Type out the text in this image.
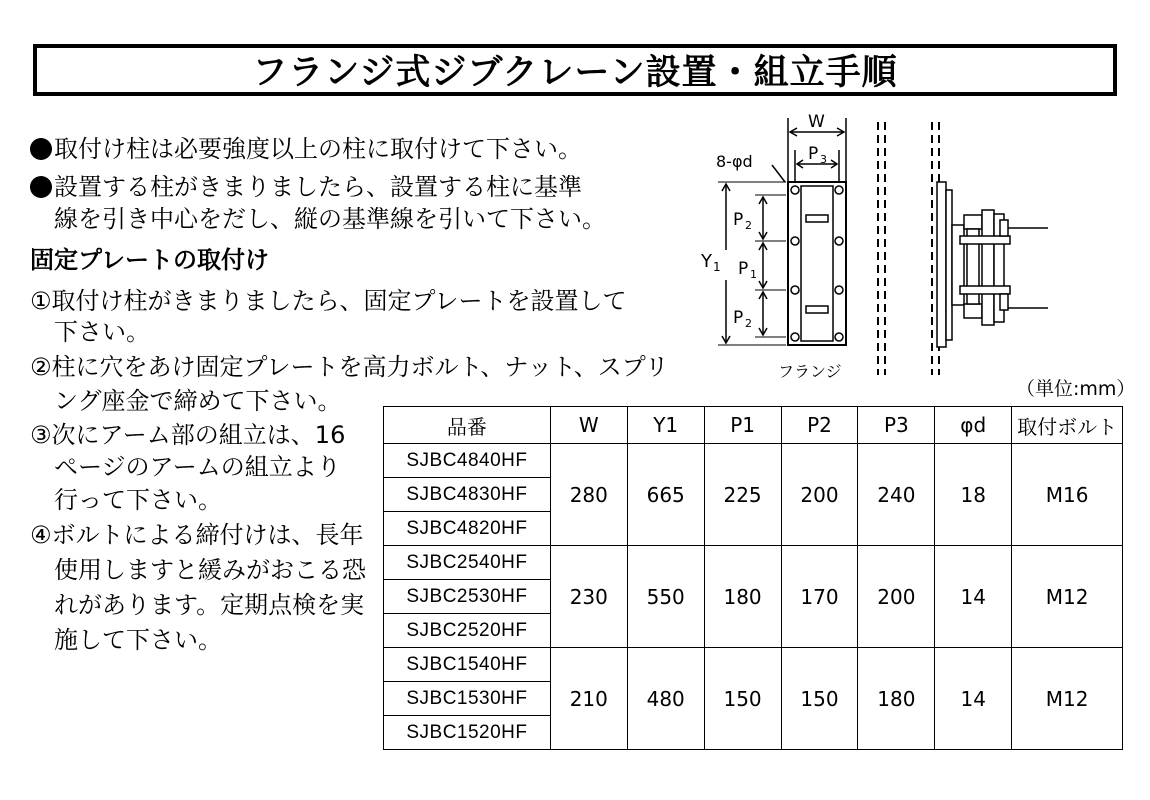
フランジ式ジブクレーン設置・組立手順
取付け柱は必要強度以上の柱に取付けて下さい。
設置する柱がきまりましたら、設置する柱に基準
線を引き中心をだし、縦の基準線を引いて下さい。
固定プレートの取付け
①取付け柱がきまりましたら、固定プレートを設置して
下さい。
②柱に穴をあけ固定プレートを高力ボルト、ナット、スプリ
ング座金で締めて下さい。
③次にアーム部の組立は、16
ページのアームの組立より
行って下さい。
④ボルトによる締付けは、長年
使用しますと緩みがおこる恐
れがあります。定期点検を実
施して下さい。
W
P 3
8-φd
Y 1
P 2
P 1
P 2
フランジ
（単位:mm）
品番	W	Y1	P1	P2	P3	φd	取付ボルト
SJBC4840HF	280	665	225	200	240	18	M16
SJBC4830HF							
SJBC4820HF							
SJBC2540HF	230	550	180	170	200	14	M12
SJBC2530HF							
SJBC2520HF							
SJBC1540HF	210	480	150	150	180	14	M12
SJBC1530HF							
SJBC1520HF							
